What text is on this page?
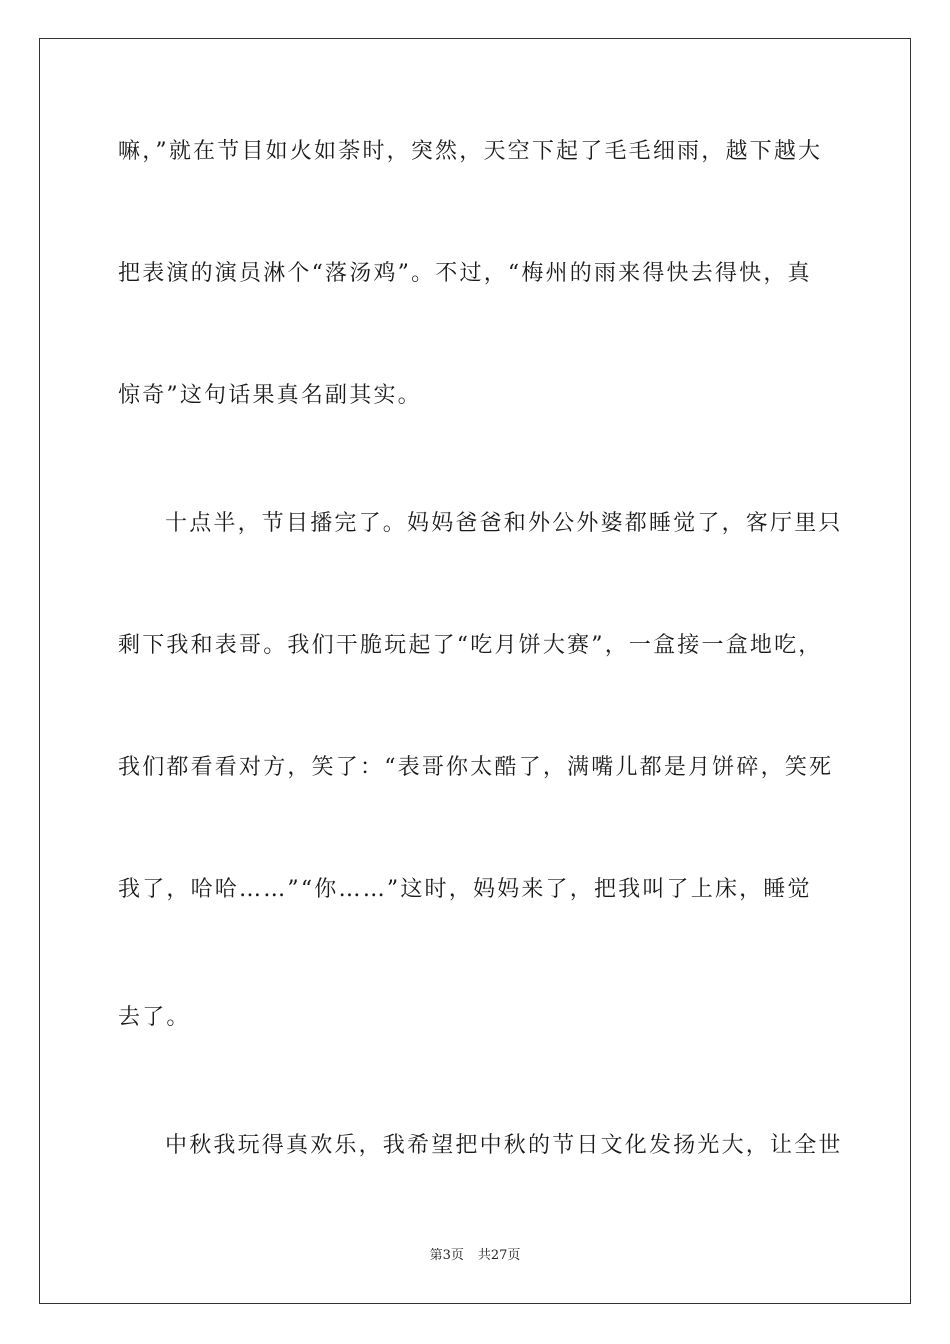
嘛，”就在节目如火如荼时，突然，天空下起了毛毛细雨，越下越大
把表演的演员淋个“落汤鸡”。不过，“梅州的雨来得快去得快，真
惊奇”这句话果真名副其实。
十点半，节目播完了。妈妈爸爸和外公外婆都睡觉了，客厅里只
剩下我和表哥。我们干脆玩起了“吃月饼大赛”，一盒接一盒地吃，
我们都看看对方，笑了：“表哥你太酷了，满嘴儿都是月饼碎，笑死
我了，哈哈……”“你……”这时，妈妈来了，把我叫了上床，睡觉
去了。
中秋我玩得真欢乐，我希望把中秋的节日文化发扬光大，让全世
第3页 共27页
